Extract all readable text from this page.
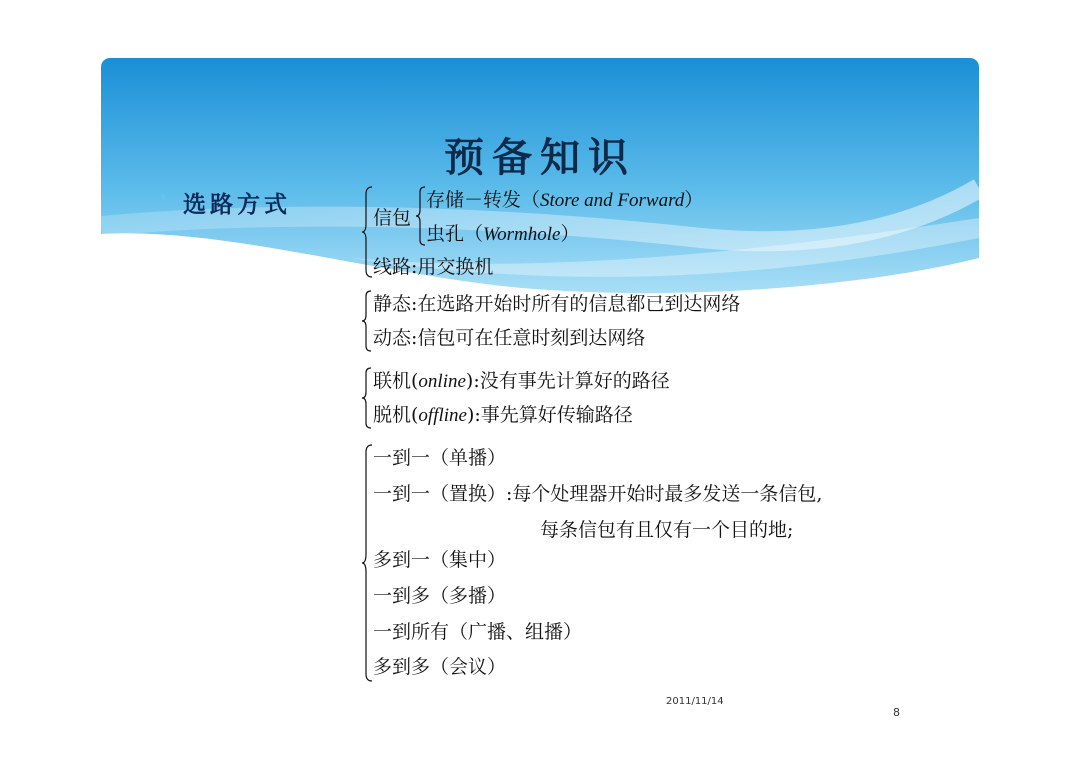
预备知识
* 选路方式	信包
存储－转发（Store and Forward）
虫孔（Wormhole）
线路:用交换机
静态:在选路开始时所有的信息都已到达网络
动态:信包可在任意时刻到达网络
联机(online):没有事先计算好的路径
脱机(offline):事先算好传输路径
一到一（单播）
一到一（置换）:每个处理器开始时最多发送一条信包,
每条信包有且仅有一个目的地;
多到一（集中）
一到多（多播）
一到所有（广播、组播）
多到多（会议）
2011/11/14
8
